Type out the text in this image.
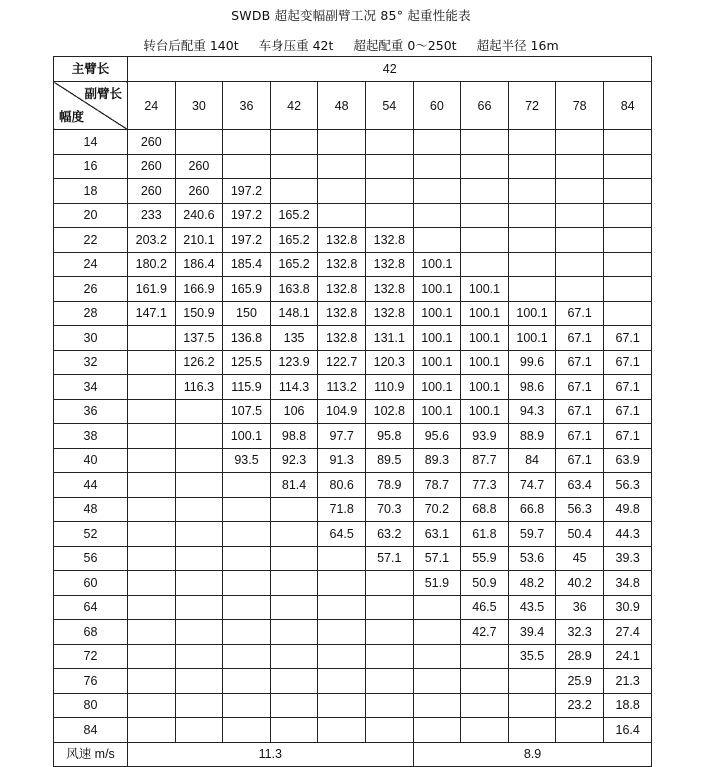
SWDB 超起变幅副臂工况 85° 起重性能表
转台后配重 140t 车身压重 42t 超起配重 0～250t 超起半径 16m
主臂长	42										

副臂长
幅度	24	30	36	42	48	54	60	66	72	78	84
14	260										
16	260	260									
18	260	260	197.2								
20	233	240.6	197.2	165.2							
22	203.2	210.1	197.2	165.2	132.8	132.8					
24	180.2	186.4	185.4	165.2	132.8	132.8	100.1				
26	161.9	166.9	165.9	163.8	132.8	132.8	100.1	100.1			
28	147.1	150.9	150	148.1	132.8	132.8	100.1	100.1	100.1	67.1	
30		137.5	136.8	135	132.8	131.1	100.1	100.1	100.1	67.1	67.1
32		126.2	125.5	123.9	122.7	120.3	100.1	100.1	99.6	67.1	67.1
34		116.3	115.9	114.3	113.2	110.9	100.1	100.1	98.6	67.1	67.1
36			107.5	106	104.9	102.8	100.1	100.1	94.3	67.1	67.1
38			100.1	98.8	97.7	95.8	95.6	93.9	88.9	67.1	67.1
40			93.5	92.3	91.3	89.5	89.3	87.7	84	67.1	63.9
44				81.4	80.6	78.9	78.7	77.3	74.7	63.4	56.3
48					71.8	70.3	70.2	68.8	66.8	56.3	49.8
52					64.5	63.2	63.1	61.8	59.7	50.4	44.3
56						57.1	57.1	55.9	53.6	45	39.3
60							51.9	50.9	48.2	40.2	34.8
64								46.5	43.5	36	30.9
68								42.7	39.4	32.3	27.4
72									35.5	28.9	24.1
76										25.9	21.3
80										23.2	18.8
84											16.4
风速 m/s	11.3						8.9				
